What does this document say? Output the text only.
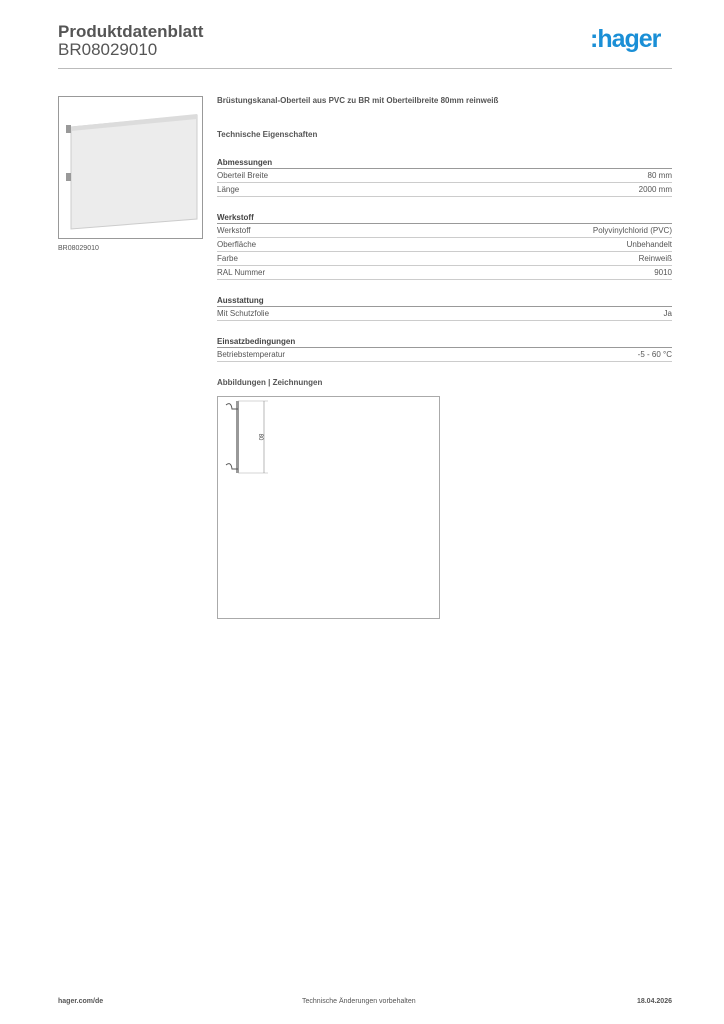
Produktdatenblatt
BR08029010	:hager
BR08029010
Brüstungskanal-Oberteil aus PVC zu BR mit Oberteilbreite 80mm reinweiß
Technische Eigenschaften
Abmessungen
Oberteil Breite	80 mm
Länge	2000 mm
Werkstoff
Werkstoff	Polyvinylchlorid (PVC)
Oberfläche	Unbehandelt
Farbe	Reinweiß
RAL Nummer	9010
Ausstattung
Mit Schutzfolie	Ja
Einsatzbedingungen
Betriebstemperatur	-5 - 60 °C
Abbildungen | Zeichnungen
80
hager.com/de	Technische Änderungen vorbehalten	18.04.2026
